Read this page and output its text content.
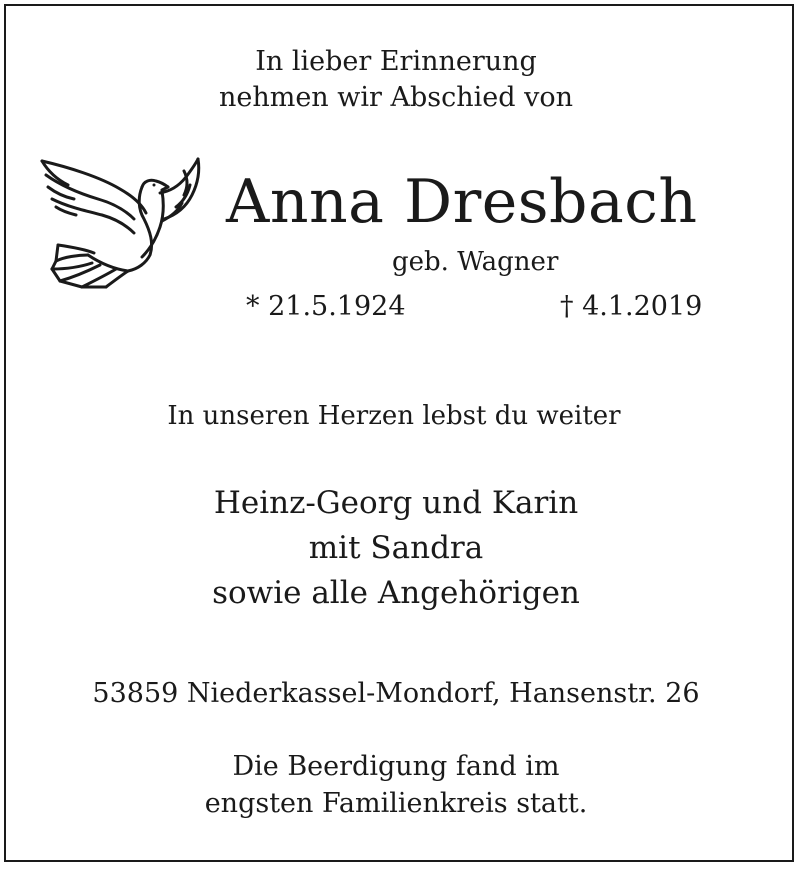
In lieber Erinnerung
nehmen wir Abschied von
Anna Dresbach
geb. Wagner
* 21.5.1924	† 4.1.2019
In unseren Herzen lebst du weiter
Heinz-Georg und Karin
mit Sandra
sowie alle Angehörigen
53859 Niederkassel-Mondorf, Hansenstr. 26
Die Beerdigung fand im
engsten Familienkreis statt.
